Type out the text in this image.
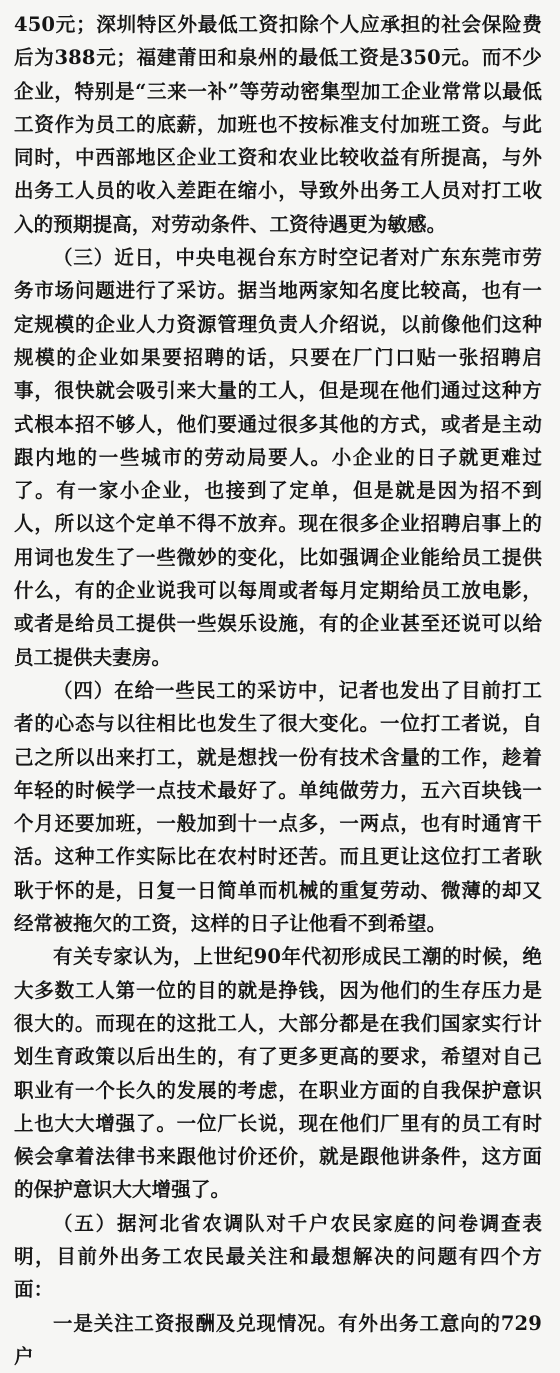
450元；深圳特区外最低工资扣除个人应承担的社会保险费后为388元；福建莆田和泉州的最低工资是350元。而不少企业，特别是“三来一补”等劳动密集型加工企业常常以最低工资作为员工的底薪，加班也不按标准支付加班工资。与此同时，中西部地区企业工资和农业比较收益有所提高，与外出务工人员的收入差距在缩小，导致外出务工人员对打工收入的预期提高，对劳动条件、工资待遇更为敏感。

（三）近日，中央电视台东方时空记者对广东东莞市劳务市场问题进行了采访。据当地两家知名度比较高，也有一定规模的企业人力资源管理负责人介绍说，以前像他们这种规模的企业如果要招聘的话，只要在厂门口贴一张招聘启事，很快就会吸引来大量的工人，但是现在他们通过这种方式根本招不够人，他们要通过很多其他的方式，或者是主动跟内地的一些城市的劳动局要人。小企业的日子就更难过了。有一家小企业，也接到了定单，但是就是因为招不到人，所以这个定单不得不放弃。现在很多企业招聘启事上的用词也发生了一些微妙的变化，比如强调企业能给员工提供什么，有的企业说我可以每周或者每月定期给员工放电影，或者是给员工提供一些娱乐设施，有的企业甚至还说可以给员工提供夫妻房。

（四）在给一些民工的采访中，记者也发出了目前打工者的心态与以往相比也发生了很大变化。一位打工者说，自己之所以出来打工，就是想找一份有技术含量的工作，趁着年轻的时候学一点技术最好了。单纯做劳力，五六百块钱一个月还要加班，一般加到十一点多，一两点，也有时通宵干活。这种工作实际比在农村时还苦。而且更让这位打工者耿耿于怀的是，日复一日简单而机械的重复劳动、微薄的却又经常被拖欠的工资，这样的日子让他看不到希望。

有关专家认为，上世纪90年代初形成民工潮的时候，绝大多数工人第一位的目的就是挣钱，因为他们的生存压力是很大的。而现在的这批工人，大部分都是在我们国家实行计划生育政策以后出生的，有了更多更高的要求，希望对自己职业有一个长久的发展的考虑，在职业方面的自我保护意识上也大大增强了。一位厂长说，现在他们厂里有的员工有时候会拿着法律书来跟他讨价还价，就是跟他讲条件，这方面的保护意识大大增强了。

（五）据河北省农调队对千户农民家庭的问卷调查表明，目前外出务工农民最关注和最想解决的问题有四个方面：

一是关注工资报酬及兑现情况。有外出务工意向的729户
